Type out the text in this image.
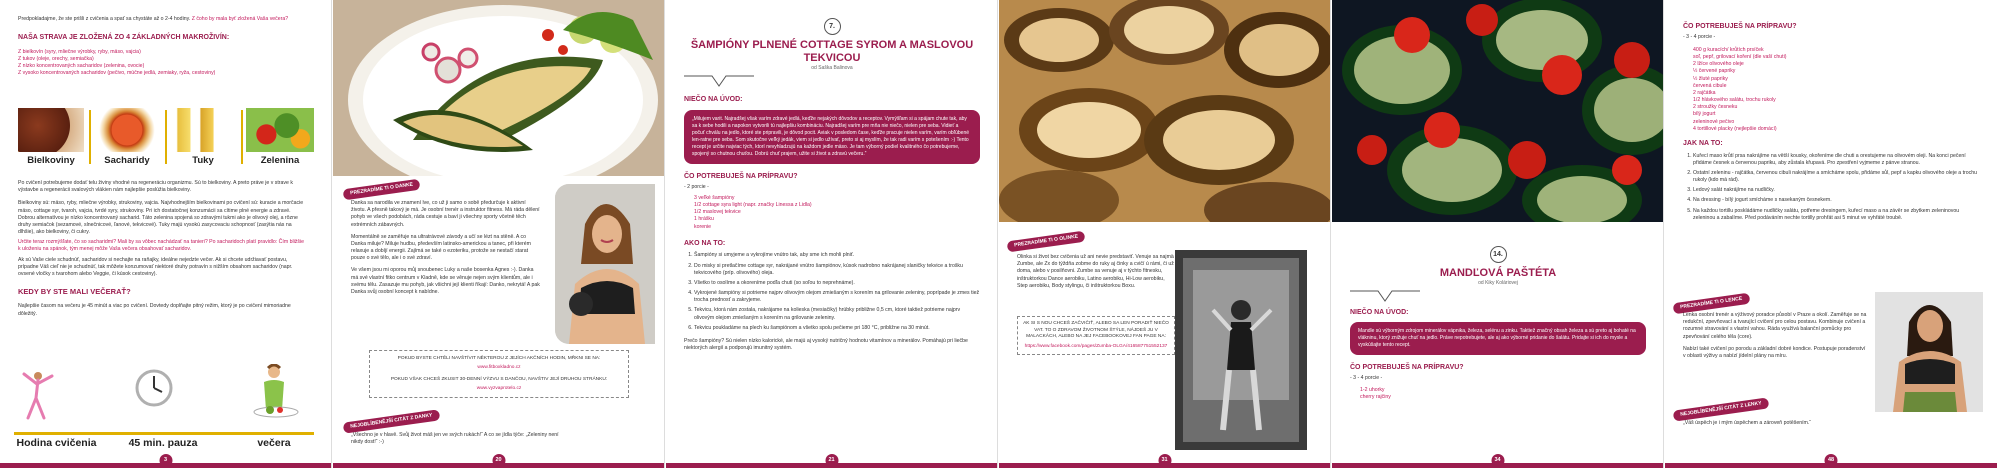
Predpokladajme, že ste prišli z cvičenia a spať sa chystáte až o 2-4 hodiny. Z čoho by mala byť zložená Vaša večera?

NAŠA STRAVA JE ZLOŽENÁ ZO 4 ZÁKLADNÝCH MAKROŽIVÍN:

Z bielkovín (syry, mliečne výrobky, ryby, mäso, vajcia)
Z tukov (oleje, orechy, semiačka)
Z nízko koncentrovaných sacharidov (zelenina, ovocie)
Z vysoko koncentrovaných sacharidov (pečivo, múčne jedlá, zemiaky, ryža, cestoviny)
Bielkoviny	Sacharidy	Tuky	Zelenina

Po cvičení potrebujeme dodať telu živiny vhodné na regeneráciu organizmu. Sú to bielkoviny. A preto práve je v strave k výstavbe a regenerácii svalových vlákien nám najlepšie poslúžia bielkoviny.

Bielkoviny sú: mäso, ryby, mliečne výrobky, strukoviny, vajcia. Najvhodnejším bielkovinami po cvičení sú: kuracie a morčacie mäso, cottage syr, tvaroh, vajcia, tvrdé syry, strukoviny. Pri ich dostatočnej konzumácii sa cítime plné energie a zdravé. Dobrou alternatívou je nízko koncentrovaný sacharid. Táto zelenina spojená so zdravými tukmi ako je olivový olej, a rôzne druhy semiačok (sezamové, slnečnicové, ľanové, tekvicové). Tuky majú vysokú zasycovaciu schopnosť (zasýtia nás na dlhšie), ako bielkoviny, či cukry.

Určite teraz rozmýšľate, čo so sacharidmi? Mali by sa vôbec nachádzať na tanieri? Po sacharidoch platí pravidlo: Čím bližšie k uloženiu na spánok, tým menej môže Vaša večera obsahovať sacharidov.

Ak sú Vaše ciele schudnúť, sacharidov si nechajte na raňajky, ideálne nejedzte večer. Ak si chcete udržiavať postavu, prípadne Váš cieľ nie je schudnúť, tak môžete konzumovať niektoré druhy potravín s nižším obsahom sacharidov (napr. ovsené vločky s tvarohom alebo Veggie, či kúsok cestoviny).

KEDY BY STE MALI VEČERAŤ?

Najlepšie časom na večeru je 45 minút a viac po cvičení. Dovtedy doplňajte pitný režim, ktorý je po cvičení mimoriadne dôležitý.

Hodina cvičenia	45 min. pauza	večera
3
PREZRADÍME TI O DANKE

Danka sa narodila ve znamení lve, co už ji samo o sobě předurčuje k aktivní životu. A přesně takový je má. Je osobní trenér a instruktor fitness. Má ráda dělení pohyb ve všech podobách, ráda cestuje a baví ji všechny sporty včetně těch extrémních zábavných.

Momentálně se zaměřuje na ultratrávové závody a učí se lézt na stěně. A co Danka miluje? Miluje hudbu, především latinsko-americkou a tanec, při kterém relaxuje a dobíjí energii. Zajímá se také o ezoteriku, protože se nestačí starat pouze o své tělo, ale i o své zdraví.

Ve všem jsou mi oporou můj snoubenec Luky a naše bosenka Agnes :-). Danka má své vlastní fitko centrum v Kladně, kde se věnuje nejen svým klientům, ale i svému tělu. Zasazuje mu pohyb, jak všichni její klienti říkají: Danko, nekrytá! A pak Danka svůj osobní koncept k nabídne.

POKUD BYSTE CHTĚLI NAVŠTÍVIT NĚKTEROU Z JEJÍCH AKČNÍCH HODIN, MŘKNI SE NA:

www.fitboxkladno.cz

POKUD VŠAK CHCEŠ ZKUSIT 30-DENNÍ VÝZVU S DANČOU, NAVŠTIV JEJÍ DRUHOU STRÁNKU:

www.vyzvaprotelo.cz

NEJOBLÍBENĚJŠÍ CITÁT Z DANKY

„Všechno je v hlavě. Svůj život máš jen ve svých rukách!“ A co se jídla týče: „Zeleniny není nikdy dost!“ :-)

20
7.

ŠAMPIÓNY PLNENÉ COTTAGE SYROM A MASLOVOU TEKVICOU

od Saška Balinova

NIEČO NA ÚVOD:

„Milujem varit. Najradšej však varím zdravé jedlá, keďže nejakých dôvodov a receptov. Vymýšľam si a spájam chute tak, aby sa k sebe hodili a napokon vytvorili tú najlepšiu kombináciu. Najradšej varím pre mňa nie niečo, nielen pre seba. Vidieť a počuť chválu na jedlo, ktoré ste pripravili, je dôvod pocit. Aviak v posledom čase, keďže pracuje nielen varím, varím obľúbené len-ratne pre seba. Som skutočne veľký jedák, viem si jedlo užívať, preto si aj myslím, že tak radi varím s potešením :-) Tento recept je určite najviac tých, ktorí nevyhladzujú na každom jedle mäso. Je tam výborný podiel kvalitného čo potrebujeme, spojený so chutnou chuťou. Dobrú chuť prajem, užite si život a zdravú večeru.“

ČO POTREBUJEŠ NA PRÍPRAVU?

- 2 porcie -

3 veľké šampióny
1/2 cottage syra light (napr. značky Linessa z Lidla)
1/2 maslovej tekvice
1 hrášku
korenie

AKO NA TO:

1. Šampióny si umyjeme a vykrojíme vnútro tak, aby sme ich mohli plniť.
2. Do misky si pretlačíme cottage syr, nakrájané vnútro šampiónov, kúsok nadrobno nakrájanej slaničky tekvice a trošku tekvicového (príp. olivového) oleja.
3. Všetko to osolíme a okoreníme podľa chuti (so soľou to neprehnáme).
4. Vykrojené šampióny si potrieme najprv olivovým olejom zmiešaným s korením na grilovanie zeleniny, poprípade je zmes tiež trocha prednosť a zakryjeme.
5. Tekvicu, ktorá nám zostala, nakrájame na kolieska (mesiačiky) hrúbky približne 0,5 cm, ktoré taktiež potrieme najprv olivovým olejom zmiešaným s korením na grilovanie zeleniny.
6. Tekvicu poukladáme na plech ku šampiónom a všetko spolu pečieme pri 180 °C, približne na 30 minút.

Prečo šampióny? Sú nielen nízko kalorické, ale majú aj vysoký nutričný hodnotu vitamínov a minerálov. Pomáhajú pri liečbe niektorých alergií a podporujú imunitný systém.

21
PREZRADÍME TI O OLINKE

Olinka si život bez cvičenia už ani nevie predstaviť. Venuje sa najmä Zumbe, ale Zx do týždňa zobme do ruky aj činky a cvičí ú rámi, či už doma, alebo v posilňovni. Zumbe sa venuje aj v týchto fitnesku, inštruktorkou Dance aerobiku, Latino aerobiku, Hi-Low aerobiku, Step aerobiku, Body stylingu, či inštruktorkou Boxu.

AK SI S NOU CHCEŠ ZAČVIČIŤ, ALEBO SA LEN PORADIŤ NIEČO VAT. TO O ZDRAVOM ŽIVOTNOM ŠTÝLE, NÁJDEŠ JU V MALACKÁCH, ALEBO NA JEJ FACEBOOKOVEJ FAN PAGE NA:

https://www.facebook.com/pages/Zumba-OLGA/416587751552137

31
14.

MANDĽOVÁ PAŠTÉTA

od Kiky Koláriovej

NIEČO NA ÚVOD:

Mandle sú výborným zdrojom minerálov vápnika, železa, selénu a zinku. Taktiež značný obsah železa a sú preto aj bohaté na vlákninu, ktorý znižuje chuť na jedlo. Práve nepotrebujete, ale aj ako výborné pridanie do šalátu. Pridajte si ich do mysle a vyskúšajte tento recept.

ČO POTREBUJEŠ NA PRÍPRAVU?

- 3 - 4 porcie -

1-2 uhorky
cherry rajčiny
34

ČO POTREBUJEŠ NA PRÍPRAVU?

- 3 - 4 porcie -

400 g kuracích/ krůtích prsíček
soľ, pepř, grilovací koření (dle vaší chuti)
2 lžíce olivového oleje
½ červené papriky
½ žluté papriky
červená cibule
2 rajčátka
1/2 hlávkového salátu, trochu rukoly
2 stroužky česneku
bílý jogurt
zeleninové pečivo
4 tortillové placky (nejlepšie domácí)

JAK NA TO:

1. Kuřecí maso krůtí prsa nakrájíme na větší kousky, okořeníme dle chuti a orestujeme na olivovém oleji. Na konci pečení přidáme česnek a červenou papriku, aby zůstala křupavá. Pro zpestření vyjmeme z pánve stranou.
2. Ostatní zeleninu - rajčátka, červenou cibuli nakrájíme a smícháme spolu, přidáme sůl, pepř a kapku olivového oleje a trochu rukoly (kdo má rád).
3. Ledový salát nakrájíme na nudličky.
4. Na dressing - bílý jogurt smícháme s nasekaným česnekem.
5. Na každou tortillu poskládáme nudličky salátu, potřeme dresingem, kuřecí maso a na závěr se zbytkem zeleninovou zeleninou a zabalíme. Před podáváním nechte tortilly prohřát asi 5 minut ve vyhřáté troubě.
PREZRADÍME TI O LENCE

Lenka osobní trenér a výživový poradce působí v Praze a okolí. Zaměřuje se na redukční, zpevňovací a tvarující cvičení pro celou postavu. Kombinuje cvičení a rozumné stravování s vlastní vahou. Ráda využívá balanční pomůcky pro zpevňování celého těla (core).

Nabízí také cvičení po porodu a základní dobré kondice. Postupuje poradenství v oblasti výživy a nabízí jídelní plány na míru.

NEJOBLÍBENĚJŠÍ CITÁT Z LENKY

„Váš úspěch je i mým úspěchem a zároveň potěšením.“

48
